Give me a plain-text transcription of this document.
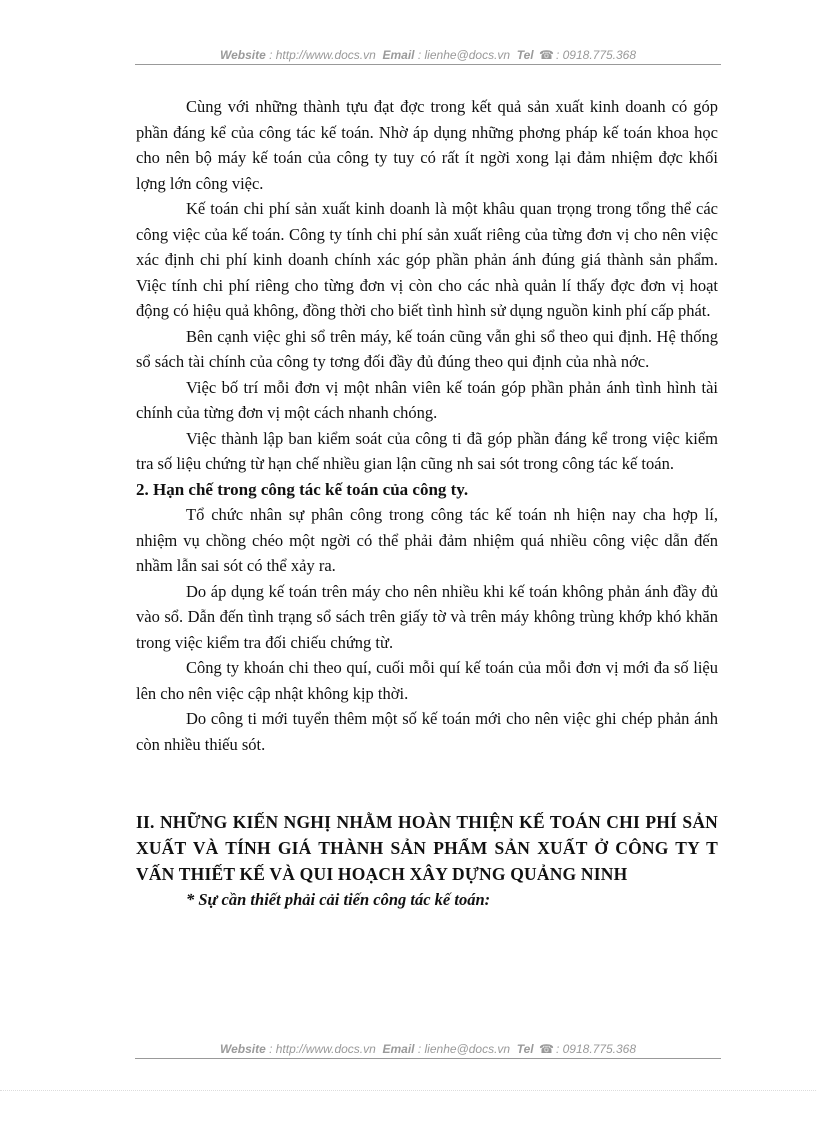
Website : http://www.docs.vn Email : lienhe@docs.vn Tel ☎ : 0918.775.368

Cùng với những thành tựu đạt đợc trong kết quả sản xuất kinh doanh có góp phần đáng kể của công tác kế toán. Nhờ áp dụng những phơng pháp kế toán khoa học cho nên bộ máy kế toán của công ty tuy có rất ít ngời xong lại đảm nhiệm đợc khối lợng lớn công việc.

Kế toán chi phí sản xuất kinh doanh là một khâu quan trọng trong tổng thể các công việc của kế toán. Công ty tính chi phí sản xuất riêng của từng đơn vị cho nên việc xác định chi phí kinh doanh chính xác góp phần phản ánh đúng giá thành sản phẩm. Việc tính chi phí riêng cho từng đơn vị còn cho các nhà quản lí thấy đợc đơn vị hoạt động có hiệu quả không, đồng thời cho biết tình hình sử dụng nguồn kinh phí cấp phát.

Bên cạnh việc ghi sổ trên máy, kế toán cũng vẫn ghi sổ theo qui định. Hệ thống sổ sách tài chính của công ty tơng đối đầy đủ đúng theo qui định của nhà nớc.

Việc bố trí mỗi đơn vị một nhân viên kế toán góp phần phản ánh tình hình tài chính của từng đơn vị một cách nhanh chóng.

Việc thành lập ban kiểm soát của công ti đã góp phần đáng kể trong việc kiểm tra số liệu chứng từ hạn chế nhiều gian lận cũng nh sai sót trong công tác kế toán.

2. Hạn chế trong công tác kế toán của công ty.

Tổ chức nhân sự phân công trong công tác kế toán nh hiện nay cha hợp lí, nhiệm vụ chồng chéo một ngời có thể phải đảm nhiệm quá nhiều công việc dẫn đến nhầm lẫn sai sót có thể xảy ra.

Do áp dụng kế toán trên máy cho nên nhiều khi kế toán không phản ánh đầy đủ vào sổ. Dẫn đến tình trạng sổ sách trên giấy tờ và trên máy không trùng khớp khó khăn trong việc kiểm tra đối chiếu chứng từ.

Công ty khoán chi theo quí, cuối mỗi quí kế toán của mỗi đơn vị mới đa số liệu lên cho nên việc cập nhật không kịp thời.

Do công ti mới tuyển thêm một số kế toán mới cho nên việc ghi chép phản ánh còn nhiều thiếu sót.

II. NHỮNG KIẾN NGHỊ NHẰM HOÀN THIỆN KẾ TOÁN CHI PHÍ SẢN XUẤT VÀ TÍNH GIÁ THÀNH SẢN PHẨM SẢN XUẤT Ở CÔNG TY T VẤN THIẾT KẾ VÀ QUI HOẠCH XÂY DỰNG QUẢNG NINH

* Sự cần thiết phải cải tiến công tác kế toán:

Website : http://www.docs.vn Email : lienhe@docs.vn Tel ☎ : 0918.775.368
